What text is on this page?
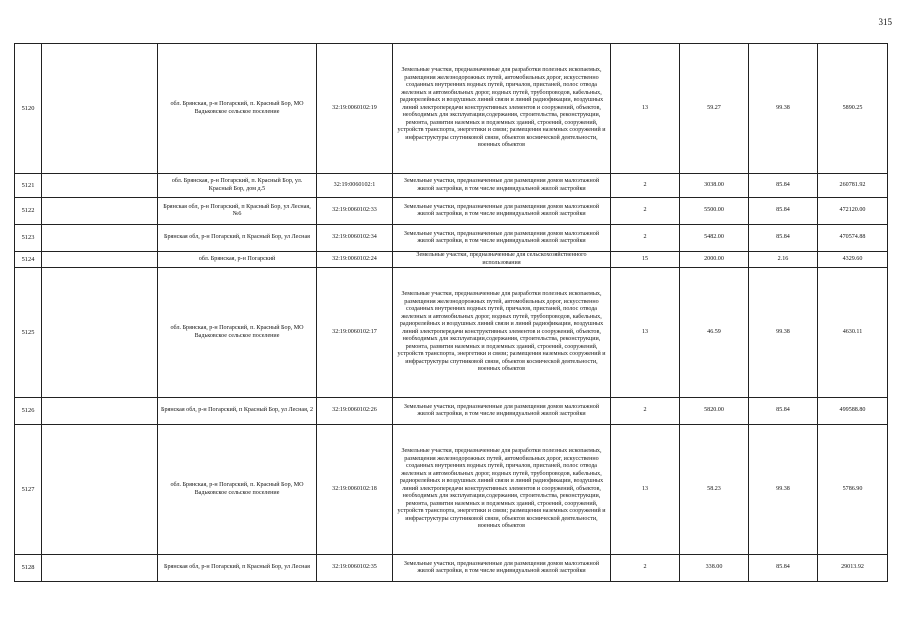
315
5120		обл. Брянская, р-н Погарский, п. Красный Бор, МО Вадьковское сельское поселение	32:19:0060102:19	Земельные участки, предназначенные для разработки полезных ископаемых, размещения железнодорожных путей, автомобильных дорог, искусственно созданных внутренних водных путей, причалов, пристаней, полос отвода железных и автомобильных дорог, водных путей, трубопроводов, кабельных, радиорелейных и воздушных линий связи и линий радиофикации, воздушных линий электропередачи конструктивных элементов и сооружений, объектов, необходимых для эксплуатации,содержания, строительства, реконструкции, ремонта, развития наземных и подземных зданий, строений, сооружений, устройств транспорта, энергетики и связи; размещения наземных сооружений и инфраструктуры спутниковой связи, объектов космической деятельности, военных объектов	13	59.27	99.38	5890.25
5121		обл. Брянская, р-н Погарский, п. Красный Бор, ул. Красный Бор, дом д.5	32:19:0060102:1	Земельные участки, предназначенные для размещения домов малоэтажной жилой застройки, в том числе индивидуальной жилой застройки	2	3038.00	85.84	260781.92
5122		Брянская обл, р-н Погарский, п Красный Бор, ул Лесная, №6	32:19:0060102:33	Земельные участки, предназначенные для размещения домов малоэтажной жилой застройки, в том числе индивидуальной жилой застройки	2	5500.00	85.84	472120.00
5123		Брянская обл, р-н Погарский, п Красный Бор, ул Лесная	32:19:0060102:34	Земельные участки, предназначенные для размещения домов малоэтажной жилой застройки, в том числе индивидуальной жилой застройки	2	5482.00	85.84	470574.88
5124		обл. Брянская, р-н Погарский	32:19:0060102:24	Земельные участки, предназначенные для сельскохозяйственного использования	15	2000.00	2.16	4329.60
5125		обл. Брянская, р-н Погарский, п. Красный Бор, МО Вадьковское сельское поселение	32:19:0060102:17	Земельные участки, предназначенные для разработки полезных ископаемых, размещения железнодорожных путей, автомобильных дорог, искусственно созданных внутренних водных путей, причалов, пристаней, полос отвода железных и автомобильных дорог, водных путей, трубопроводов, кабельных, радиорелейных и воздушных линий связи и линий радиофикации, воздушных линий электропередачи конструктивных элементов и сооружений, объектов, необходимых для эксплуатации,содержания, строительства, реконструкции, ремонта, развития наземных и подземных зданий, строений, сооружений, устройств транспорта, энергетики и связи; размещения наземных сооружений и инфраструктуры спутниковой связи, объектов космической деятельности, военных объектов	13	46.59	99.38	4630.11
5126		Брянская обл, р-н Погарский, п Красный Бор, ул Лесная, 2	32:19:0060102:26	Земельные участки, предназначенные для размещения домов малоэтажной жилой застройки, в том числе индивидуальной жилой застройки	2	5820.00	85.84	499588.80
5127		обл. Брянская, р-н Погарский, п. Красный Бор, МО Вадьковское сельское поселение	32:19:0060102:18	Земельные участки, предназначенные для разработки полезных ископаемых, размещения железнодорожных путей, автомобильных дорог, искусственно созданных внутренних водных путей, причалов, пристаней, полос отвода железных и автомобильных дорог, водных путей, трубопроводов, кабельных, радиорелейных и воздушных линий связи и линий радиофикации, воздушных линий электропередачи конструктивных элементов и сооружений, объектов, необходимых для эксплуатации,содержания, строительства, реконструкции, ремонта, развития наземных и подземных зданий, строений, сооружений, устройств транспорта, энергетики и связи; размещения наземных сооружений и инфраструктуры спутниковой связи, объектов космической деятельности, военных объектов	13	58.23	99.38	5786.90
5128		Брянская обл, р-н Погарский, п Красный Бор, ул Лесная	32:19:0060102:35	Земельные участки, предназначенные для размещения домов малоэтажной жилой застройки, в том числе индивидуальной жилой застройки	2	338.00	85.84	29013.92
